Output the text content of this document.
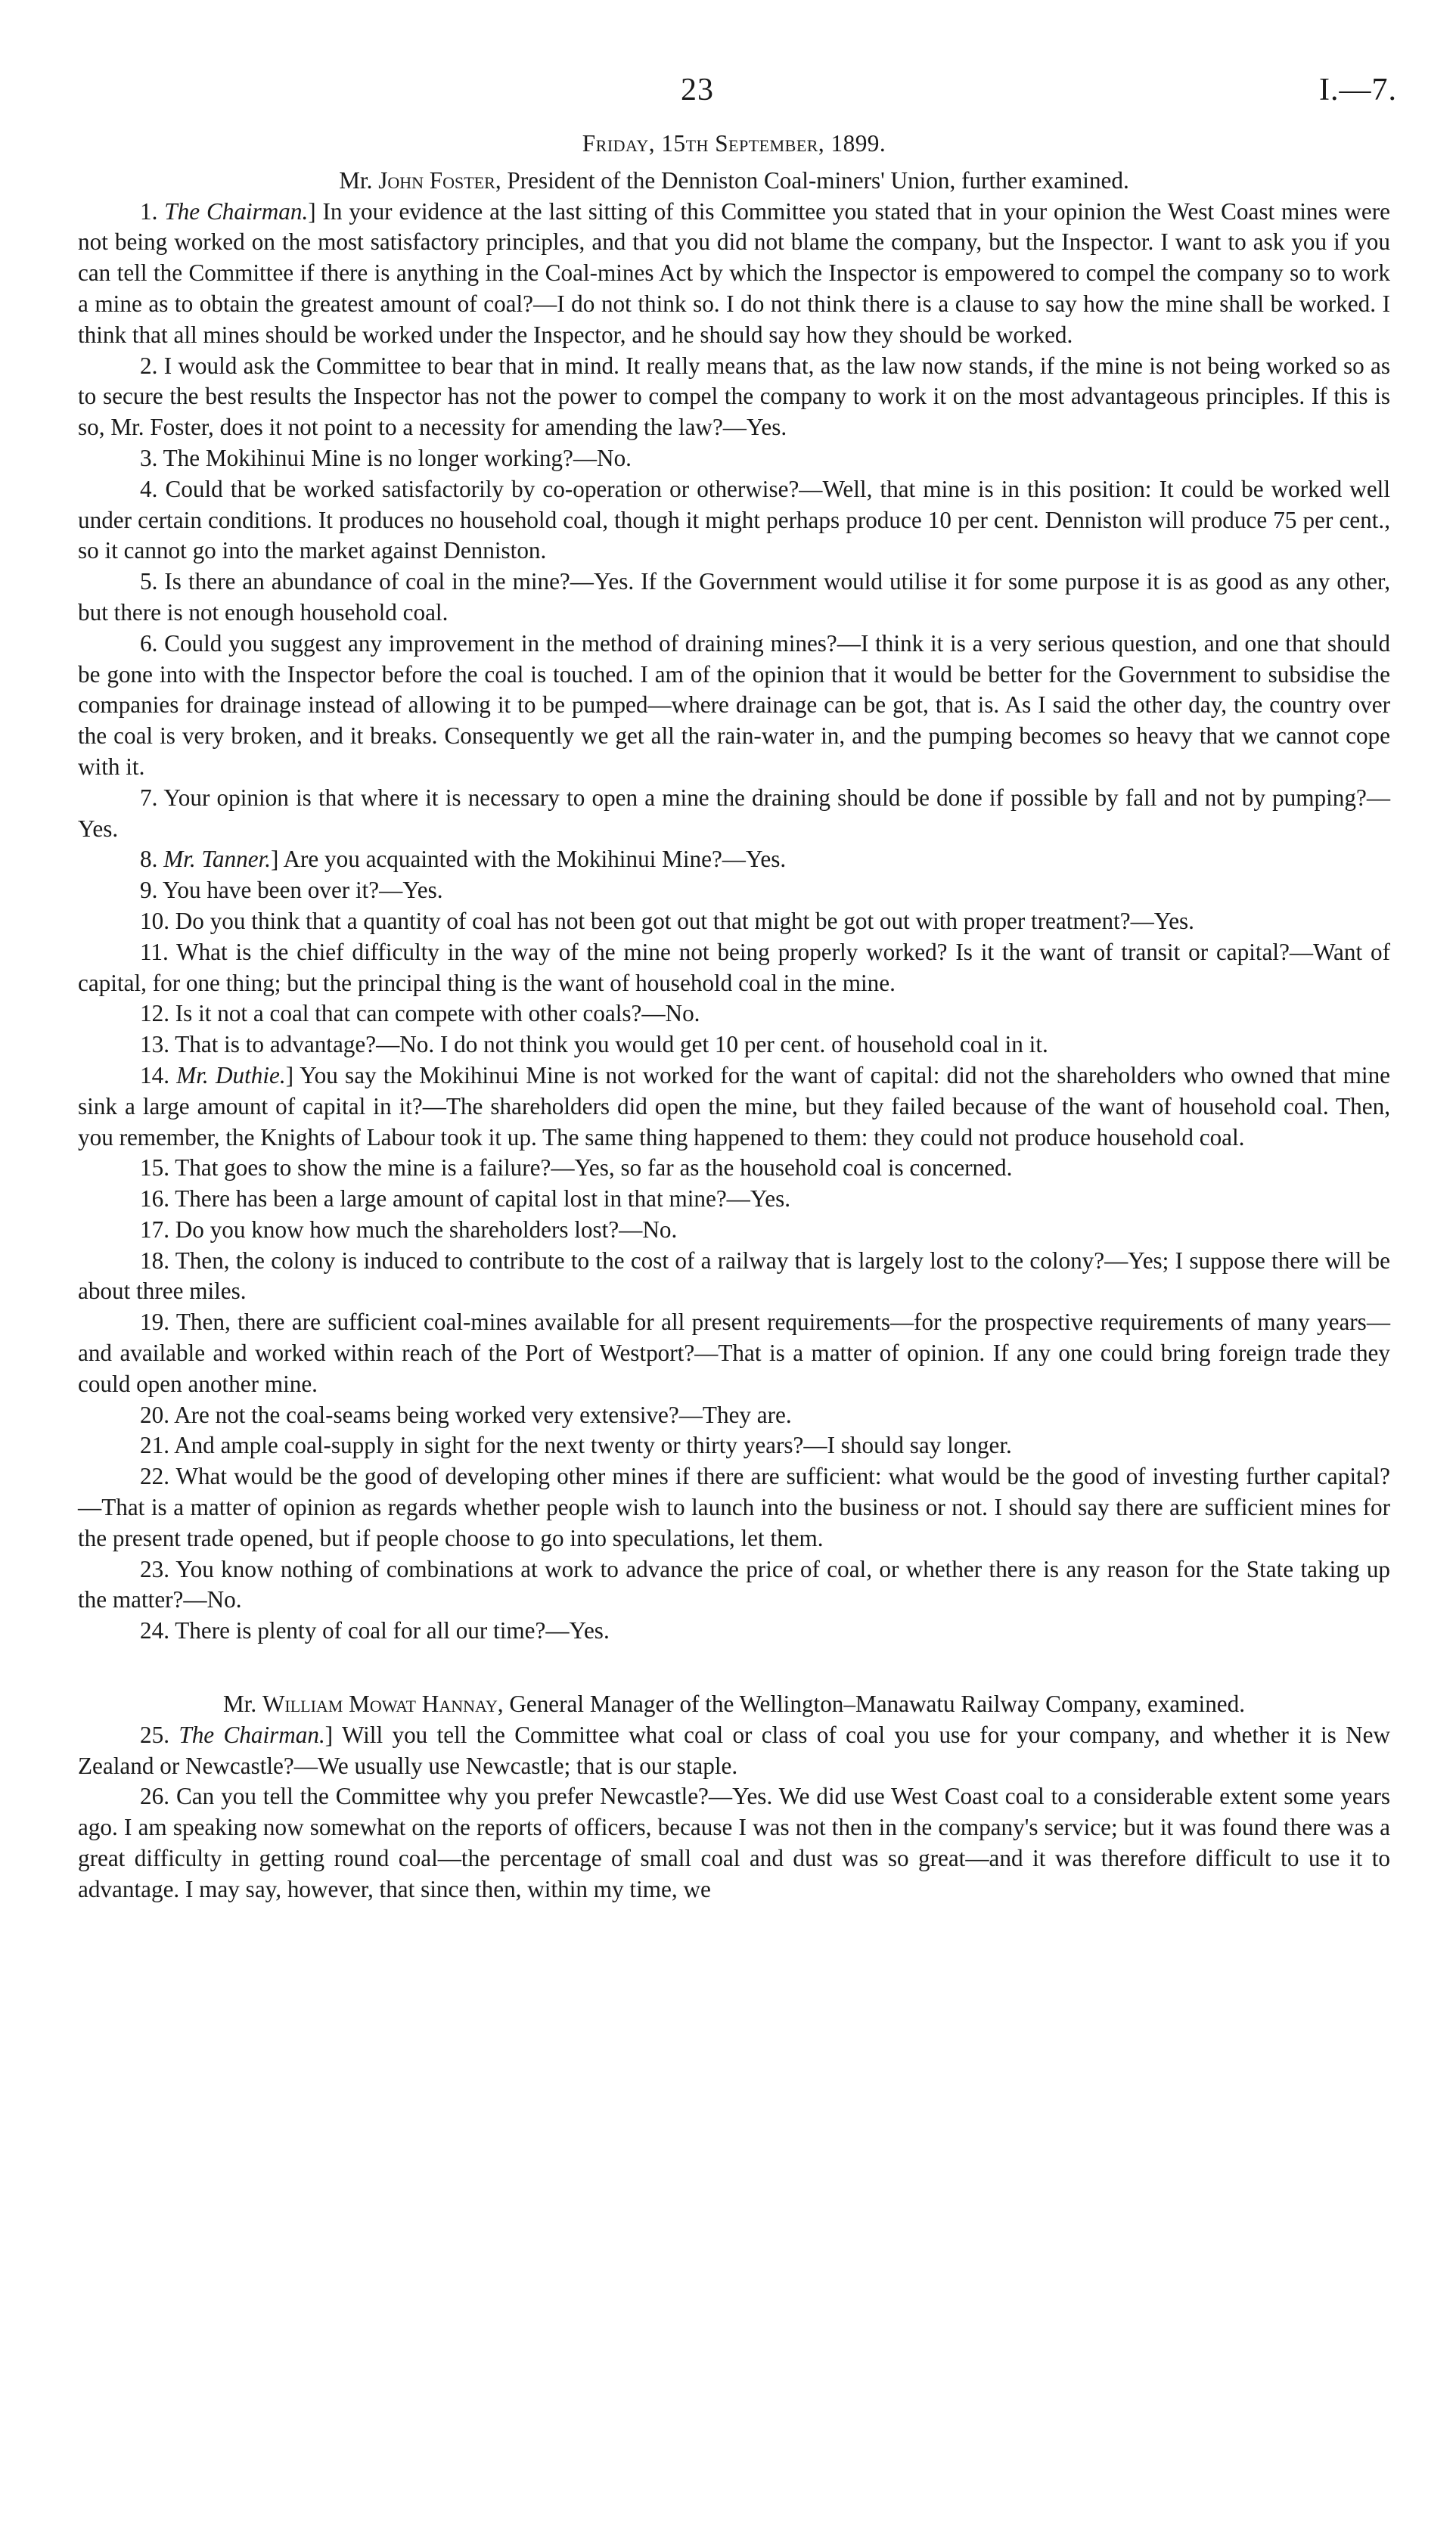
23	I.—7.
Friday, 15th September, 1899.

Mr. John Foster, President of the Denniston Coal-miners' Union, further examined.

1. The Chairman.] In your evidence at the last sitting of this Committee you stated that in your opinion the West Coast mines were not being worked on the most satisfactory principles, and that you did not blame the company, but the Inspector. I want to ask you if you can tell the Committee if there is anything in the Coal-mines Act by which the Inspector is empowered to compel the company so to work a mine as to obtain the greatest amount of coal?—I do not think so. I do not think there is a clause to say how the mine shall be worked. I think that all mines should be worked under the Inspector, and he should say how they should be worked.

2. I would ask the Committee to bear that in mind. It really means that, as the law now stands, if the mine is not being worked so as to secure the best results the Inspector has not the power to compel the company to work it on the most advantageous principles. If this is so, Mr. Foster, does it not point to a necessity for amending the law?—Yes.

3. The Mokihinui Mine is no longer working?—No.

4. Could that be worked satisfactorily by co-operation or otherwise?—Well, that mine is in this position: It could be worked well under certain conditions. It produces no household coal, though it might perhaps produce 10 per cent. Denniston will produce 75 per cent., so it cannot go into the market against Denniston.

5. Is there an abundance of coal in the mine?—Yes. If the Government would utilise it for some purpose it is as good as any other, but there is not enough household coal.

6. Could you suggest any improvement in the method of draining mines?—I think it is a very serious question, and one that should be gone into with the Inspector before the coal is touched. I am of the opinion that it would be better for the Government to subsidise the companies for drainage instead of allowing it to be pumped—where drainage can be got, that is. As I said the other day, the country over the coal is very broken, and it breaks. Consequently we get all the rain-water in, and the pumping becomes so heavy that we cannot cope with it.

7. Your opinion is that where it is necessary to open a mine the draining should be done if possible by fall and not by pumping?—Yes.

8. Mr. Tanner.] Are you acquainted with the Mokihinui Mine?—Yes.

9. You have been over it?—Yes.

10. Do you think that a quantity of coal has not been got out that might be got out with proper treatment?—Yes.

11. What is the chief difficulty in the way of the mine not being properly worked? Is it the want of transit or capital?—Want of capital, for one thing; but the principal thing is the want of household coal in the mine.

12. Is it not a coal that can compete with other coals?—No.

13. That is to advantage?—No. I do not think you would get 10 per cent. of household coal in it.

14. Mr. Duthie.] You say the Mokihinui Mine is not worked for the want of capital: did not the shareholders who owned that mine sink a large amount of capital in it?—The shareholders did open the mine, but they failed because of the want of household coal. Then, you remember, the Knights of Labour took it up. The same thing happened to them: they could not produce household coal.

15. That goes to show the mine is a failure?—Yes, so far as the household coal is concerned.

16. There has been a large amount of capital lost in that mine?—Yes.

17. Do you know how much the shareholders lost?—No.

18. Then, the colony is induced to contribute to the cost of a railway that is largely lost to the colony?—Yes; I suppose there will be about three miles.

19. Then, there are sufficient coal-mines available for all present requirements—for the prospective requirements of many years—and available and worked within reach of the Port of Westport?—That is a matter of opinion. If any one could bring foreign trade they could open another mine.

20. Are not the coal-seams being worked very extensive?—They are.

21. And ample coal-supply in sight for the next twenty or thirty years?—I should say longer.

22. What would be the good of developing other mines if there are sufficient: what would be the good of investing further capital?—That is a matter of opinion as regards whether people wish to launch into the business or not. I should say there are sufficient mines for the present trade opened, but if people choose to go into speculations, let them.

23. You know nothing of combinations at work to advance the price of coal, or whether there is any reason for the State taking up the matter?—No.

24. There is plenty of coal for all our time?—Yes.

Mr. William Mowat Hannay, General Manager of the Wellington–Manawatu Railway Company, examined.

25. The Chairman.] Will you tell the Committee what coal or class of coal you use for your company, and whether it is New Zealand or Newcastle?—We usually use Newcastle; that is our staple.

26. Can you tell the Committee why you prefer Newcastle?—Yes. We did use West Coast coal to a considerable extent some years ago. I am speaking now somewhat on the reports of officers, because I was not then in the company's service; but it was found there was a great difficulty in getting round coal—the percentage of small coal and dust was so great—and it was therefore difficult to use it to advantage. I may say, however, that since then, within my time, we
